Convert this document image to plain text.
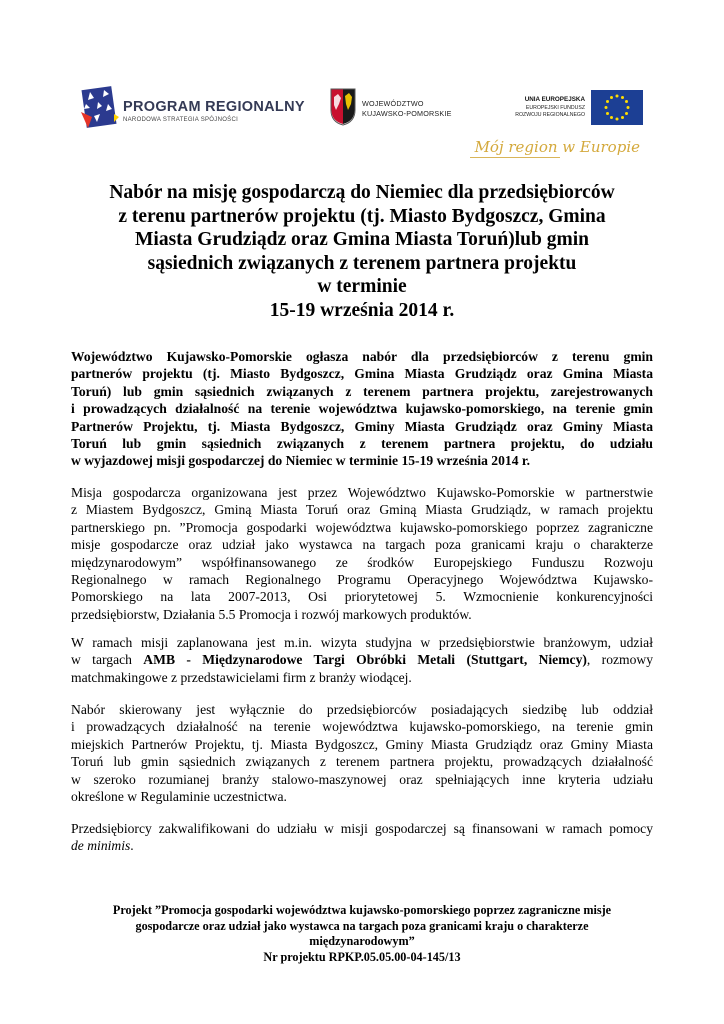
PROGRAM REGIONALNY
NARODOWA STRATEGIA SPÓJNOŚCI
WOJEWÓDZTWO
KUJAWSKO-POMORSKIE
UNIA EUROPEJSKA
EUROPEJSKI FUNDUSZ
ROZWOJU REGIONALNEGO
Mój region w Europie
Nabór na misję gospodarczą do Niemiec dla przedsiębiorców
z terenu partnerów projektu (tj. Miasto Bydgoszcz, Gmina
Miasta Grudziądz oraz Gmina Miasta Toruń)lub gmin
sąsiednich związanych z terenem partnera projektu
w terminie
15-19 września 2014 r.
Województwo Kujawsko-Pomorskie ogłasza nabór dla przedsiębiorców z terenu gmin
partnerów projektu (tj. Miasto Bydgoszcz, Gmina Miasta Grudziądz oraz Gmina Miasta
Toruń) lub gmin sąsiednich związanych z terenem partnera projektu, zarejestrowanych
i prowadzących działalność na terenie województwa kujawsko-pomorskiego, na terenie gmin
Partnerów Projektu, tj. Miasta Bydgoszcz, Gminy Miasta Grudziądz oraz Gminy Miasta
Toruń lub gmin sąsiednich związanych z terenem partnera projektu, do udziału
w wyjazdowej misji gospodarczej do Niemiec w terminie 15-19 września 2014 r.
Misja gospodarcza organizowana jest przez Województwo Kujawsko-Pomorskie w partnerstwie
z Miastem Bydgoszcz, Gminą Miasta Toruń oraz Gminą Miasta Grudziądz, w ramach projektu
partnerskiego pn. ”Promocja gospodarki województwa kujawsko-pomorskiego poprzez zagraniczne
misje gospodarcze oraz udział jako wystawca na targach poza granicami kraju o charakterze
międzynarodowym” współfinansowanego ze środków Europejskiego Funduszu Rozwoju
Regionalnego w ramach Regionalnego Programu Operacyjnego Województwa Kujawsko-
Pomorskiego na lata 2007-2013, Osi priorytetowej 5. Wzmocnienie konkurencyjności
przedsiębiorstw, Działania 5.5 Promocja i rozwój markowych produktów.
W ramach misji zaplanowana jest m.in. wizyta studyjna w przedsiębiorstwie branżowym, udział
w targach AMB - Międzynarodowe Targi Obróbki Metali (Stuttgart, Niemcy), rozmowy
matchmakingowe z przedstawicielami firm z branży wiodącej.
Nabór skierowany jest wyłącznie do przedsiębiorców posiadających siedzibę lub oddział
i prowadzących działalność na terenie województwa kujawsko-pomorskiego, na terenie gmin
miejskich Partnerów Projektu, tj. Miasta Bydgoszcz, Gminy Miasta Grudziądz oraz Gminy Miasta
Toruń lub gmin sąsiednich związanych z terenem partnera projektu, prowadzących działalność
w szeroko rozumianej branży stalowo-maszynowej oraz spełniających inne kryteria udziału
określone w Regulaminie uczestnictwa.
Przedsiębiorcy zakwalifikowani do udziału w misji gospodarczej są finansowani w ramach pomocy
de minimis.
Projekt ”Promocja gospodarki województwa kujawsko-pomorskiego poprzez zagraniczne misje
gospodarcze oraz udział jako wystawca na targach poza granicami kraju o charakterze
międzynarodowym”
Nr projektu RPKP.05.05.00-04-145/13
